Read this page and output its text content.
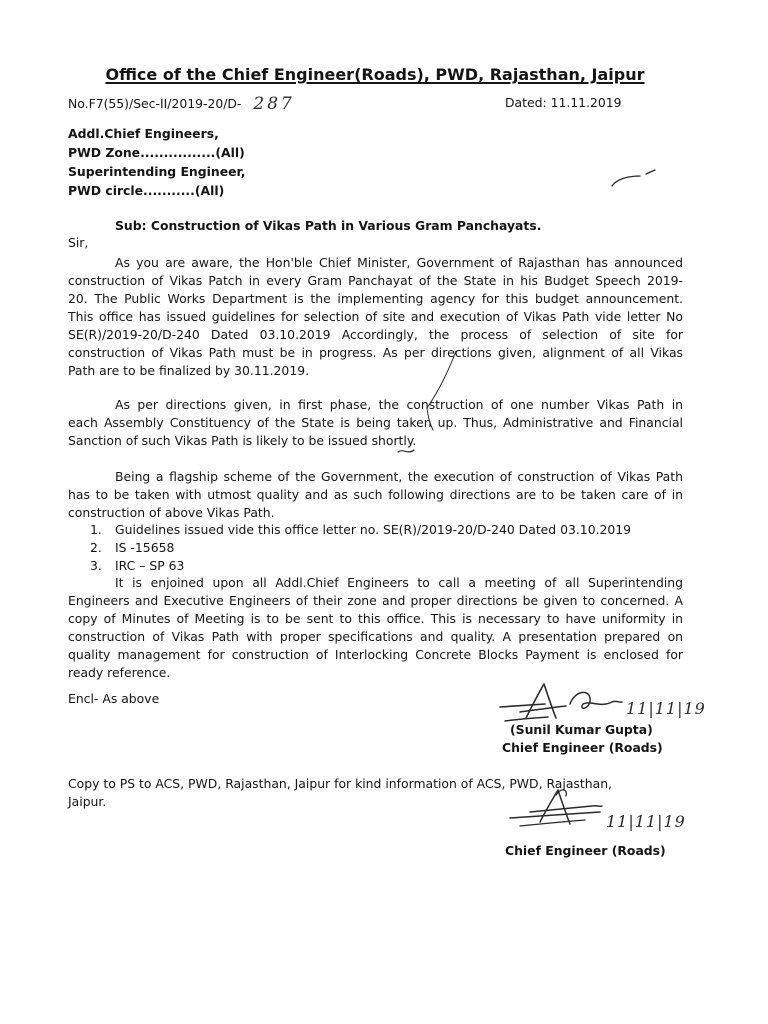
Office of the Chief Engineer(Roads), PWD, Rajasthan, Jaipur
No.F7(55)/Sec-II/2019-20/D- 287	Dated: 11.11.2019
Addl.Chief Engineers,
PWD Zone................(All)
Superintending Engineer,
PWD circle...........(All)
Sub: Construction of Vikas Path in Various Gram Panchayats.
Sir,
As you are aware, the Hon'ble Chief Minister, Government of Rajasthan has announced
construction of Vikas Patch in every Gram Panchayat of the State in his Budget Speech 2019-
20. The Public Works Department is the implementing agency for this budget announcement.
This office has issued guidelines for selection of site and execution of Vikas Path vide letter No
SE(R)/2019-20/D-240 Dated 03.10.2019 Accordingly, the process of selection of site for
construction of Vikas Path must be in progress. As per directions given, alignment of all Vikas
Path are to be finalized by 30.11.2019.
As per directions given, in first phase, the construction of one number Vikas Path in
each Assembly Constituency of the State is being taken up. Thus, Administrative and Financial
Sanction of such Vikas Path is likely to be issued shortly.
Being a flagship scheme of the Government, the execution of construction of Vikas Path
has to be taken with utmost quality and as such following directions are to be taken care of in
construction of above Vikas Path.
1. Guidelines issued vide this office letter no. SE(R)/2019-20/D-240 Dated 03.10.2019
2. IS -15658
3. IRC – SP 63
It is enjoined upon all Addl.Chief Engineers to call a meeting of all Superintending
Engineers and Executive Engineers of their zone and proper directions be given to concerned. A
copy of Minutes of Meeting is to be sent to this office. This is necessary to have uniformity in
construction of Vikas Path with proper specifications and quality. A presentation prepared on
quality management for construction of Interlocking Concrete Blocks Payment is enclosed for
ready reference.
Encl- As above
(Sunil Kumar Gupta)
Chief Engineer (Roads)
Copy to PS to ACS, PWD, Rajasthan, Jaipur for kind information of ACS, PWD, Rajasthan,
Jaipur.
Chief Engineer (Roads)
11|11|19
11|11|19
